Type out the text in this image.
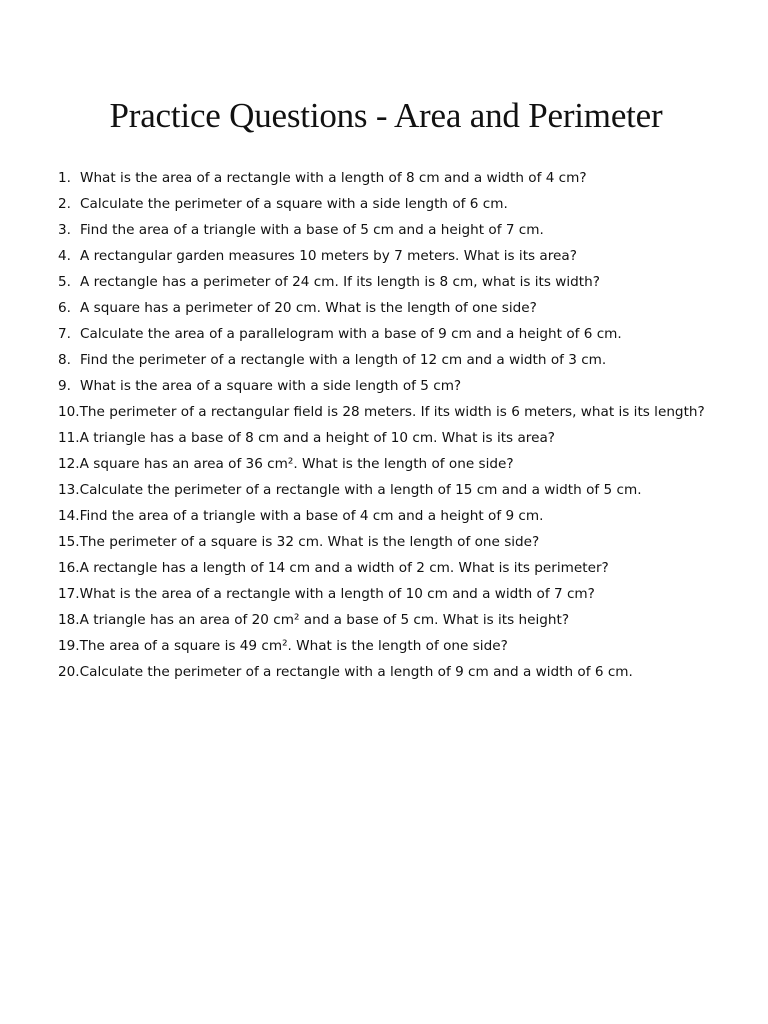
Practice Questions - Area and Perimeter
1. What is the area of a rectangle with a length of 8 cm and a width of 4 cm?
2. Calculate the perimeter of a square with a side length of 6 cm.
3. Find the area of a triangle with a base of 5 cm and a height of 7 cm.
4. A rectangular garden measures 10 meters by 7 meters. What is its area?
5. A rectangle has a perimeter of 24 cm. If its length is 8 cm, what is its width?
6. A square has a perimeter of 20 cm. What is the length of one side?
7. Calculate the area of a parallelogram with a base of 9 cm and a height of 6 cm.
8. Find the perimeter of a rectangle with a length of 12 cm and a width of 3 cm.
9. What is the area of a square with a side length of 5 cm?
10. The perimeter of a rectangular field is 28 meters. If its width is 6 meters, what is its length?
11. A triangle has a base of 8 cm and a height of 10 cm. What is its area?
12. A square has an area of 36 cm². What is the length of one side?
13. Calculate the perimeter of a rectangle with a length of 15 cm and a width of 5 cm.
14. Find the area of a triangle with a base of 4 cm and a height of 9 cm.
15. The perimeter of a square is 32 cm. What is the length of one side?
16. A rectangle has a length of 14 cm and a width of 2 cm. What is its perimeter?
17. What is the area of a rectangle with a length of 10 cm and a width of 7 cm?
18. A triangle has an area of 20 cm² and a base of 5 cm. What is its height?
19. The area of a square is 49 cm². What is the length of one side?
20. Calculate the perimeter of a rectangle with a length of 9 cm and a width of 6 cm.
